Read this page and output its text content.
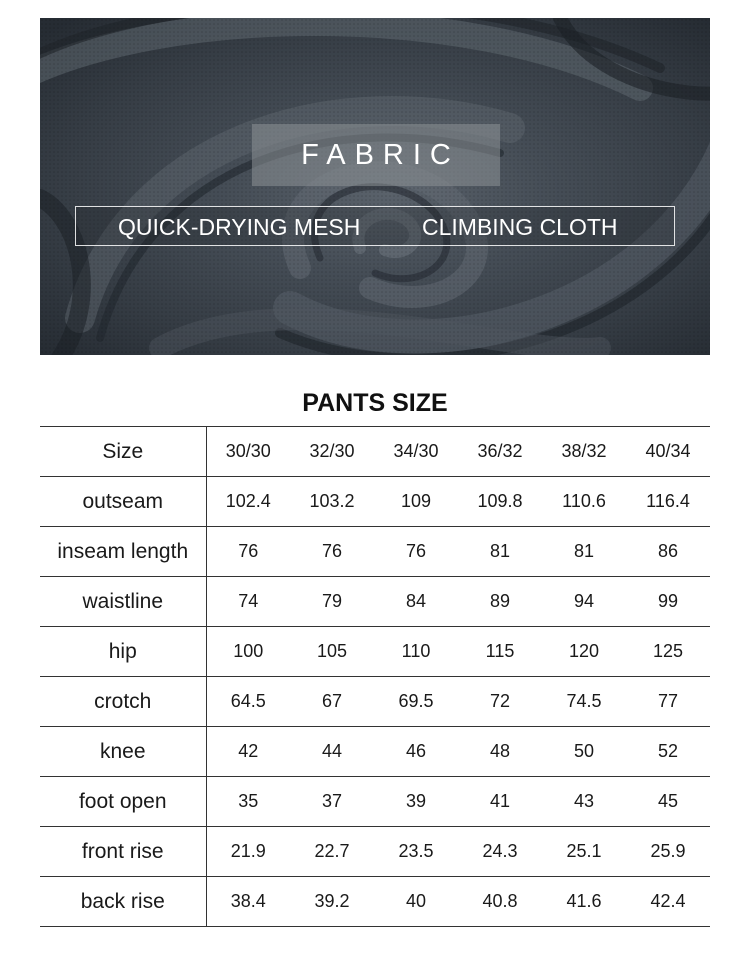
FABRIC
QUICK-DRYING MESH	CLIMBING CLOTH
PANTS SIZE
Size	30/30	32/30	34/30	36/32	38/32	40/34
outseam	102.4	103.2	109	109.8	110.6	116.4
inseam length	76	76	76	81	81	86
waistline	74	79	84	89	94	99
hip	100	105	110	115	120	125
crotch	64.5	67	69.5	72	74.5	77
knee	42	44	46	48	50	52
foot open	35	37	39	41	43	45
front rise	21.9	22.7	23.5	24.3	25.1	25.9
back rise	38.4	39.2	40	40.8	41.6	42.4
